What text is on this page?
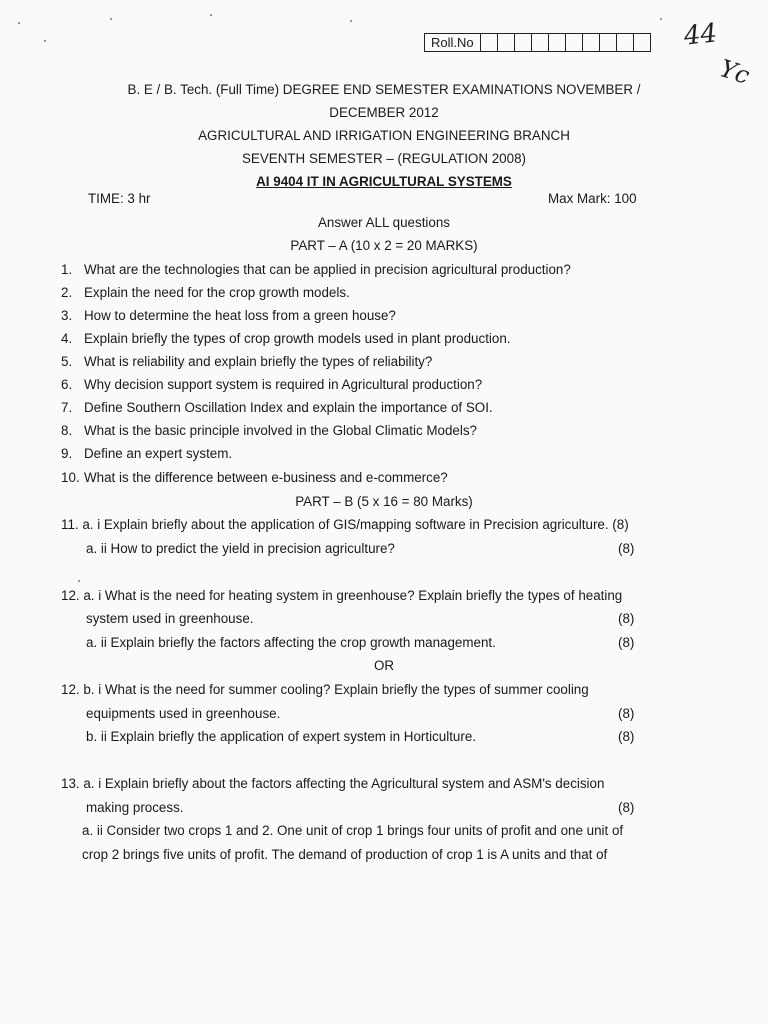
Roll.No	44
Yc
B. E / B. Tech. (Full Time) DEGREE END SEMESTER EXAMINATIONS NOVEMBER /
DECEMBER 2012
AGRICULTURAL AND IRRIGATION ENGINEERING BRANCH
SEVENTH SEMESTER – (REGULATION 2008)
AI 9404 IT IN AGRICULTURAL SYSTEMS
TIME: 3 hr	Max Mark: 100
Answer ALL questions
PART – A (10 x 2 = 20 MARKS)
1. What are the technologies that can be applied in precision agricultural production?
2. Explain the need for the crop growth models.
3. How to determine the heat loss from a green house?
4. Explain briefly the types of crop growth models used in plant production.
5. What is reliability and explain briefly the types of reliability?
6. Why decision support system is required in Agricultural production?
7. Define Southern Oscillation Index and explain the importance of SOI.
8. What is the basic principle involved in the Global Climatic Models?
9. Define an expert system.
10. What is the difference between e-business and e-commerce?
PART – B (5 x 16 = 80 Marks)
11. a. i Explain briefly about the application of GIS/mapping software in Precision agriculture. (8)
a. ii How to predict the yield in precision agriculture?	(8)
12. a. i What is the need for heating system in greenhouse? Explain briefly the types of heating
system used in greenhouse.	(8)
a. ii Explain briefly the factors affecting the crop growth management.	(8)
OR
12. b. i What is the need for summer cooling? Explain briefly the types of summer cooling
equipments used in greenhouse.	(8)
b. ii Explain briefly the application of expert system in Horticulture.	(8)
13. a. i Explain briefly about the factors affecting the Agricultural system and ASM's decision
making process.	(8)
a. ii Consider two crops 1 and 2. One unit of crop 1 brings four units of profit and one unit of
crop 2 brings five units of profit. The demand of production of crop 1 is A units and that of
